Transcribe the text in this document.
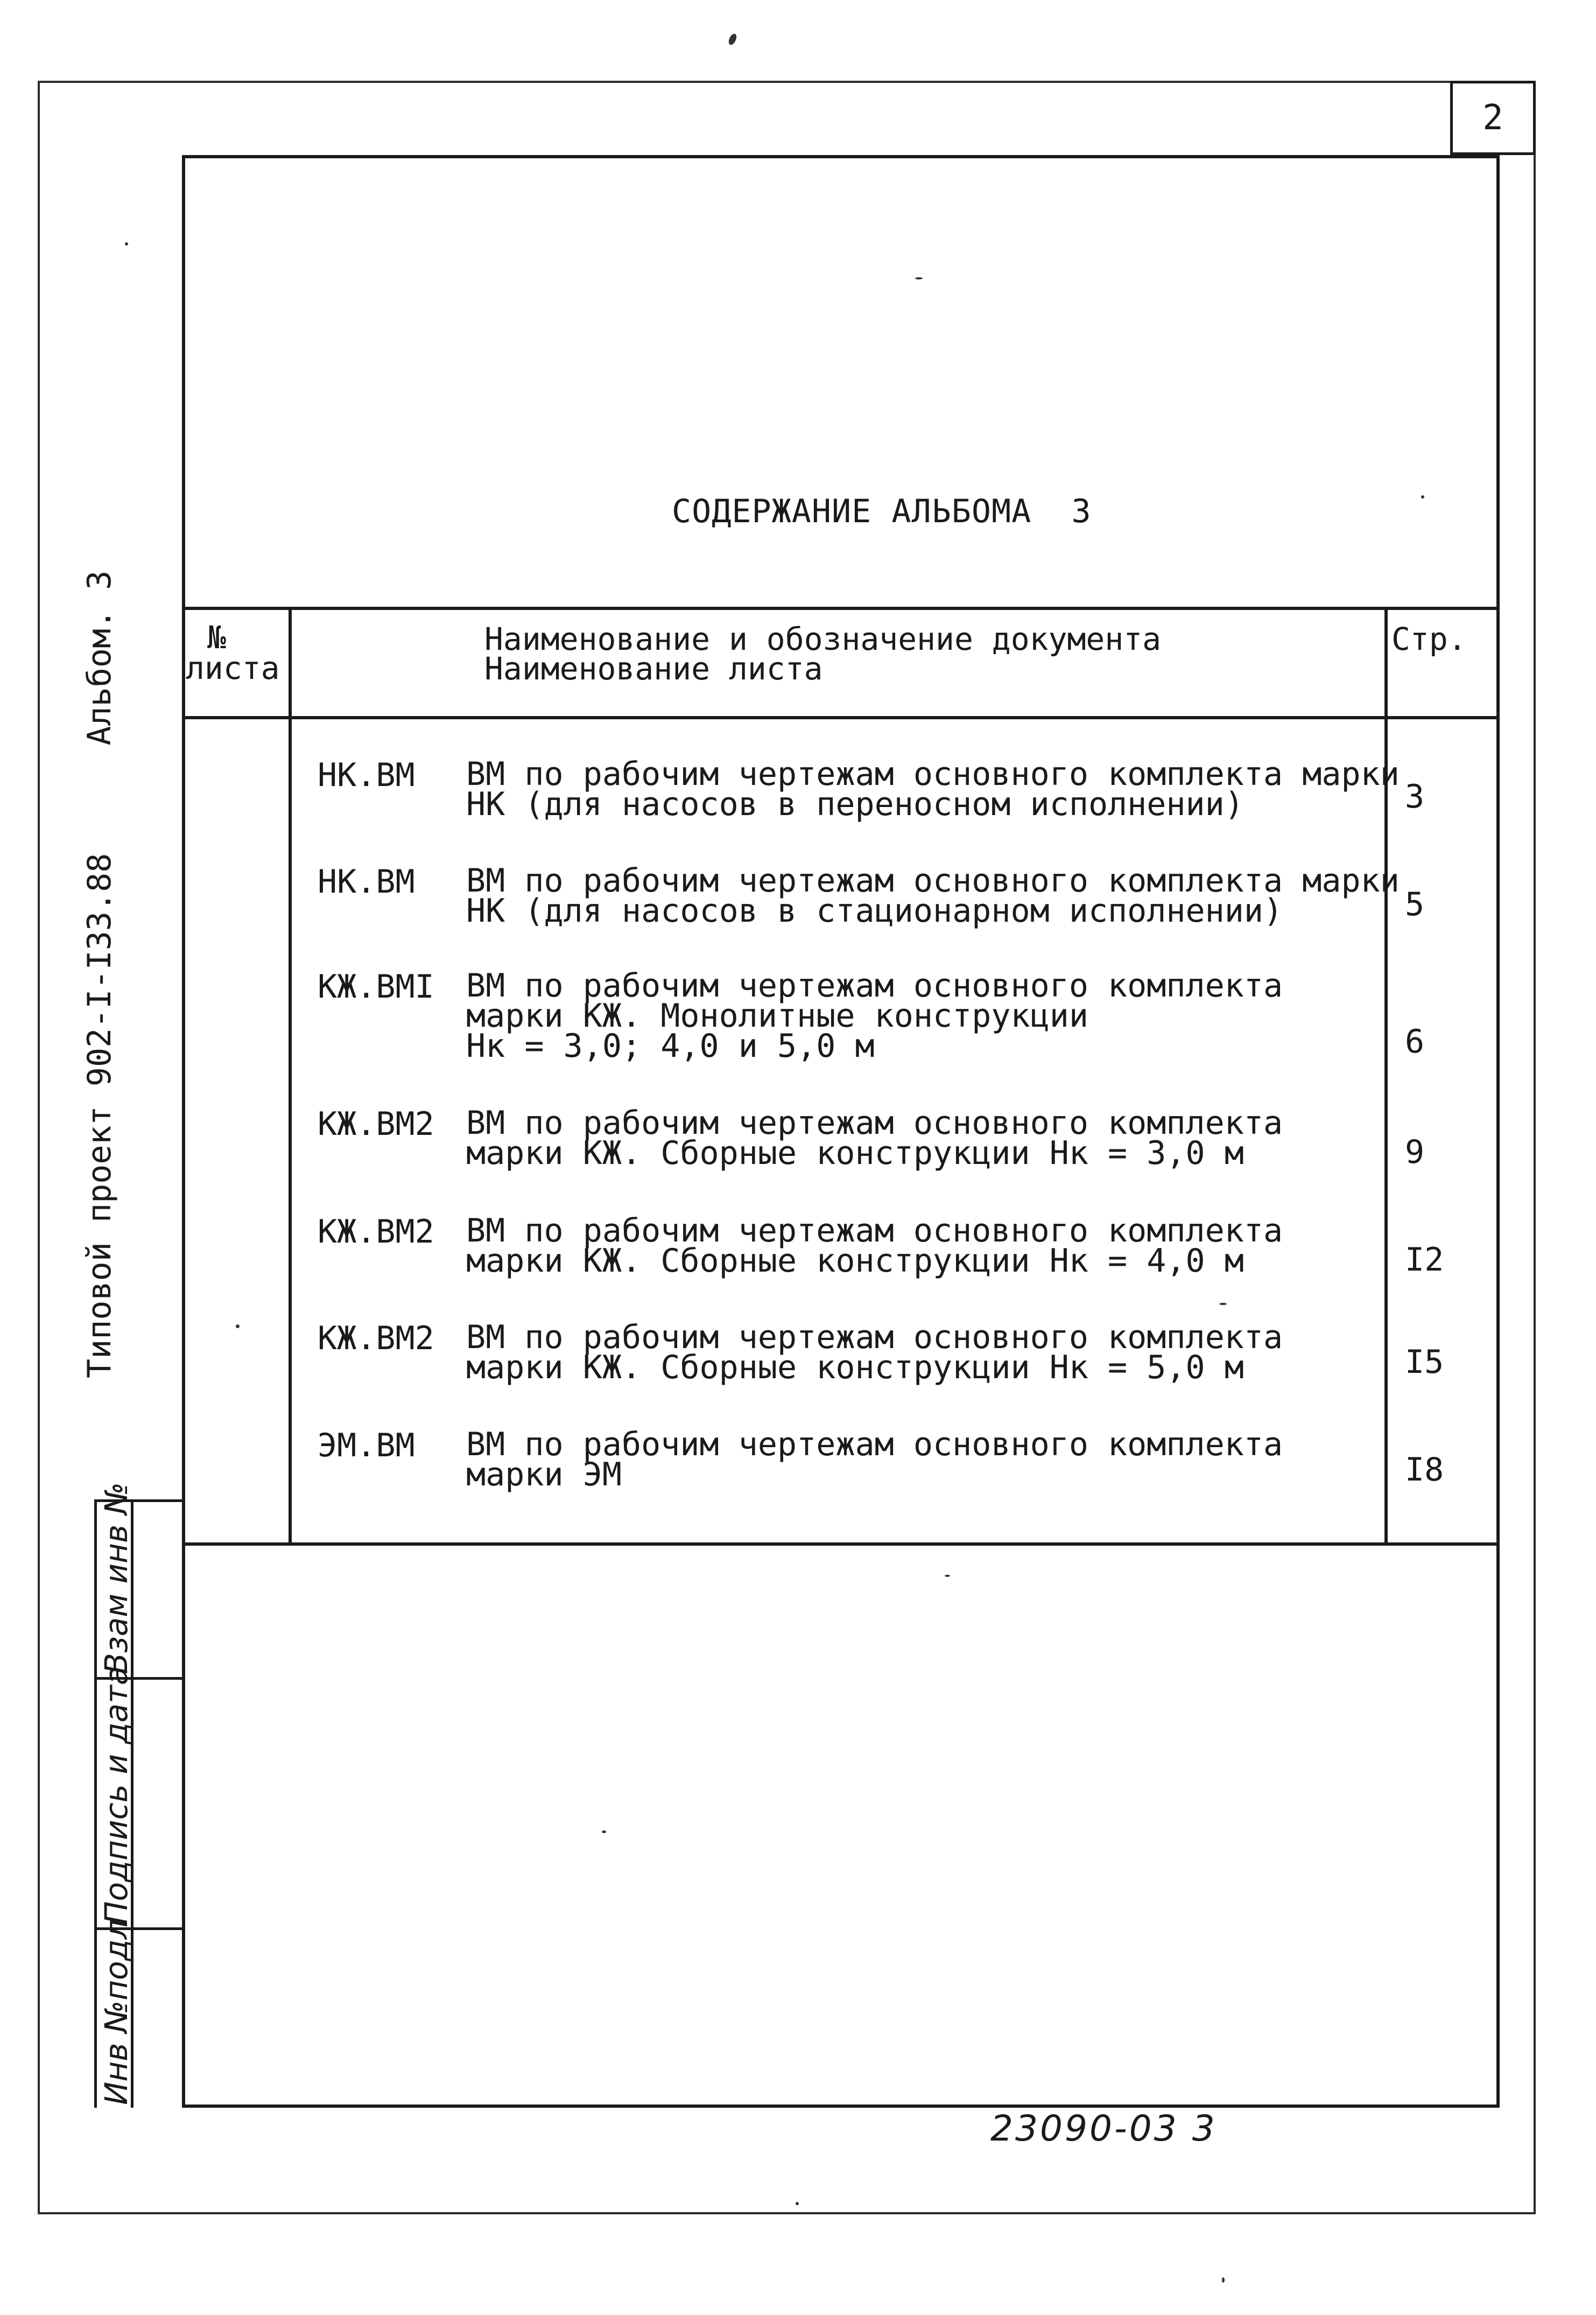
2
Типовой проект 902-I-I33.88Альбом. 3
Взам инв №
Подпись и дата
Инв №подл
СОДЕРЖАНИЕ АЛЬБОМА  3
№
листа
Наименование и обозначение документа
Наименование листа
Стр.
НК.ВМ ВМ по рабочим чертежам основного комплекта марки
НК (для насосов в переносном исполнении)	3
НК.ВМ ВМ по рабочим чертежам основного комплекта марки
НК (для насосов в стационарном исполнении)	5
КЖ.ВМI ВМ по рабочим чертежам основного комплекта
марки КЖ. Монолитные конструкции
Нк = 3,0; 4,0 и 5,0 м	6
КЖ.ВМ2 ВМ по рабочим чертежам основного комплекта
марки КЖ. Сборные конструкции Нк = 3,0 м	9
КЖ.ВМ2 ВМ по рабочим чертежам основного комплекта
марки КЖ. Сборные конструкции Нк = 4,0 м	I2
КЖ.ВМ2 ВМ по рабочим чертежам основного комплекта
марки КЖ. Сборные конструкции Нк = 5,0 м	I5
ЭМ.ВМ ВМ по рабочим чертежам основного комплекта
марки ЭМ	I8
23090-03 3
